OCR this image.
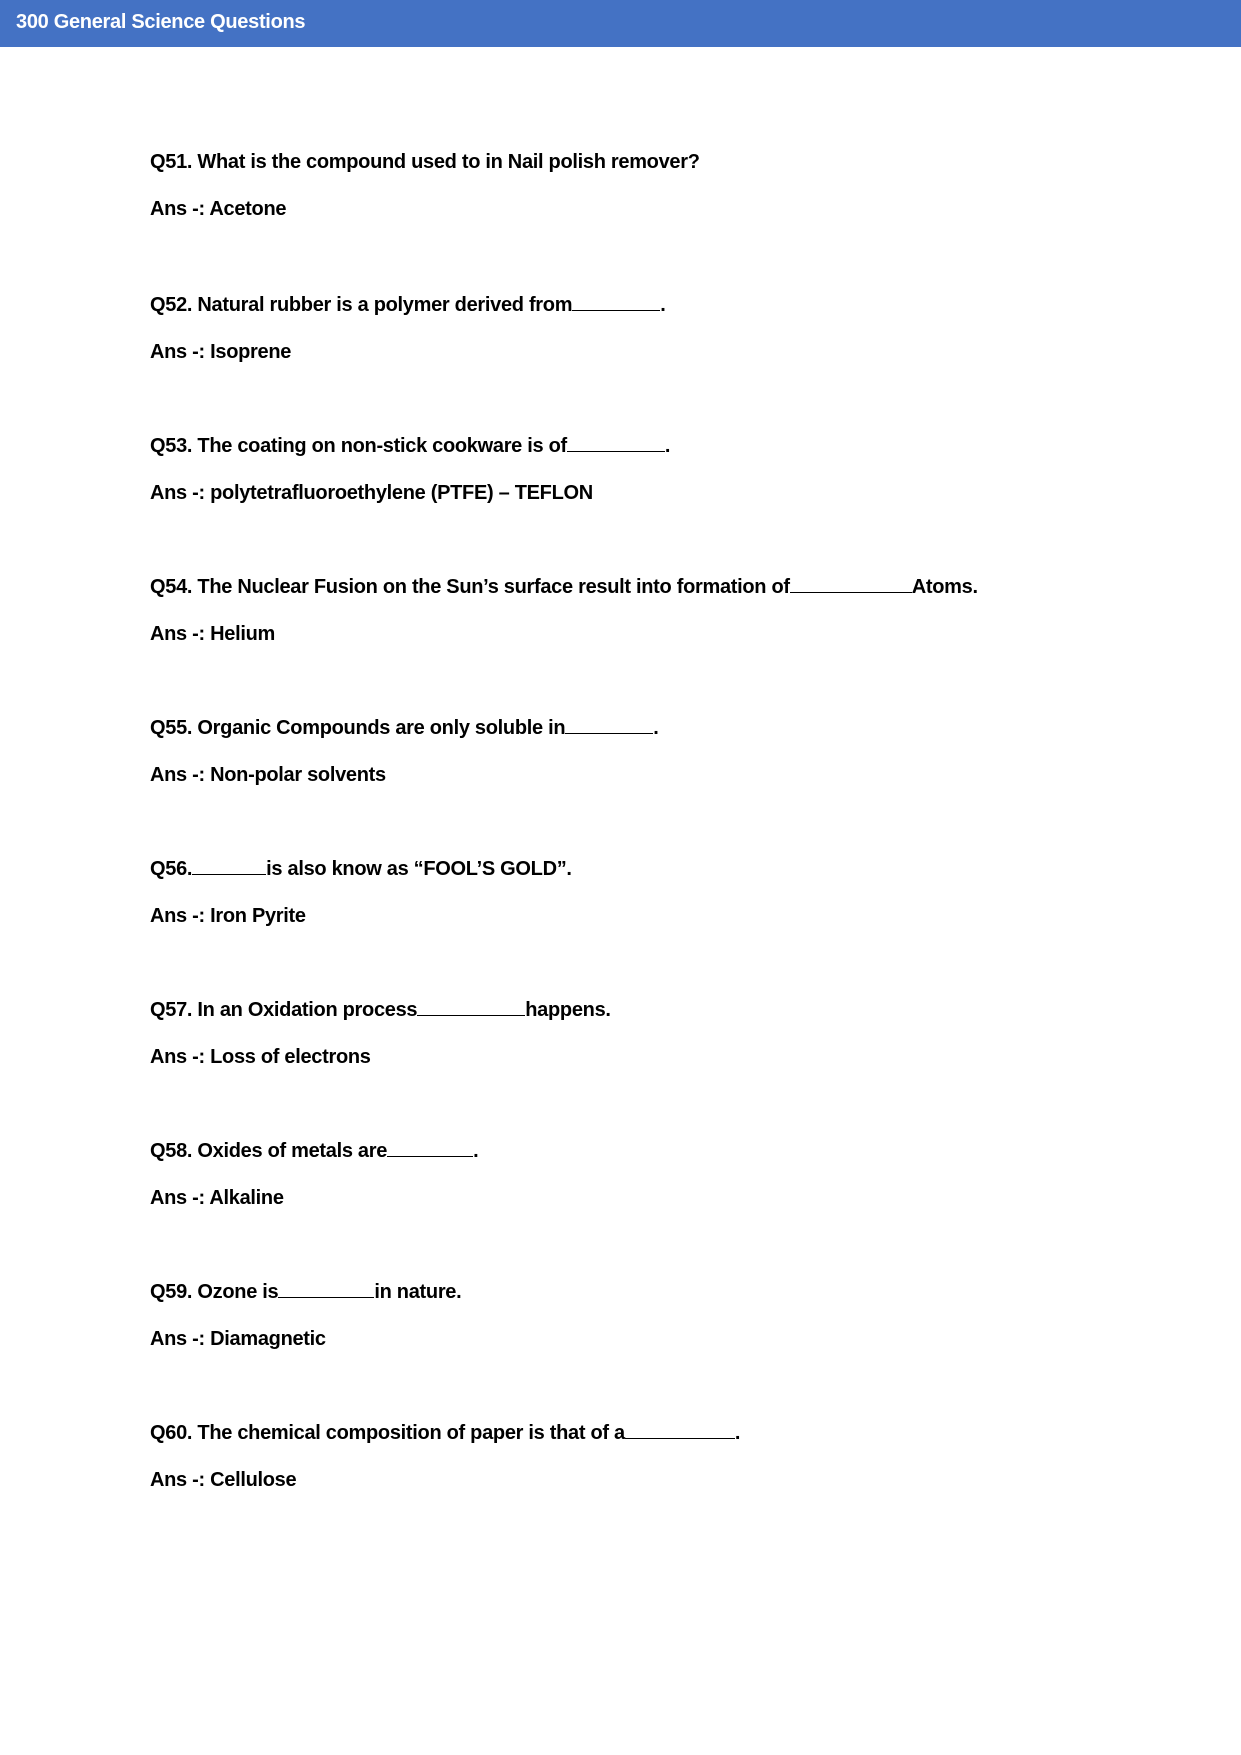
300 General Science Questions
Q51. What is the compound used to in Nail polish remover?
Ans -: Acetone
Q52. Natural rubber is a polymer derived from	.
Ans -: Isoprene
Q53. The coating on non-stick cookware is of	.
Ans -: polytetrafluoroethylene (PTFE) – TEFLON
Q54. The Nuclear Fusion on the Sun’s surface result into formation of	Atoms.
Ans -: Helium
Q55. Organic Compounds are only soluble in	.
Ans -: Non-polar solvents
Q56.	is also know as “FOOL’S GOLD”.
Ans -: Iron Pyrite
Q57. In an Oxidation process	happens.
Ans -: Loss of electrons
Q58. Oxides of metals are	.
Ans -: Alkaline
Q59. Ozone is	in nature.
Ans -: Diamagnetic
Q60. The chemical composition of paper is that of a	.
Ans -: Cellulose
